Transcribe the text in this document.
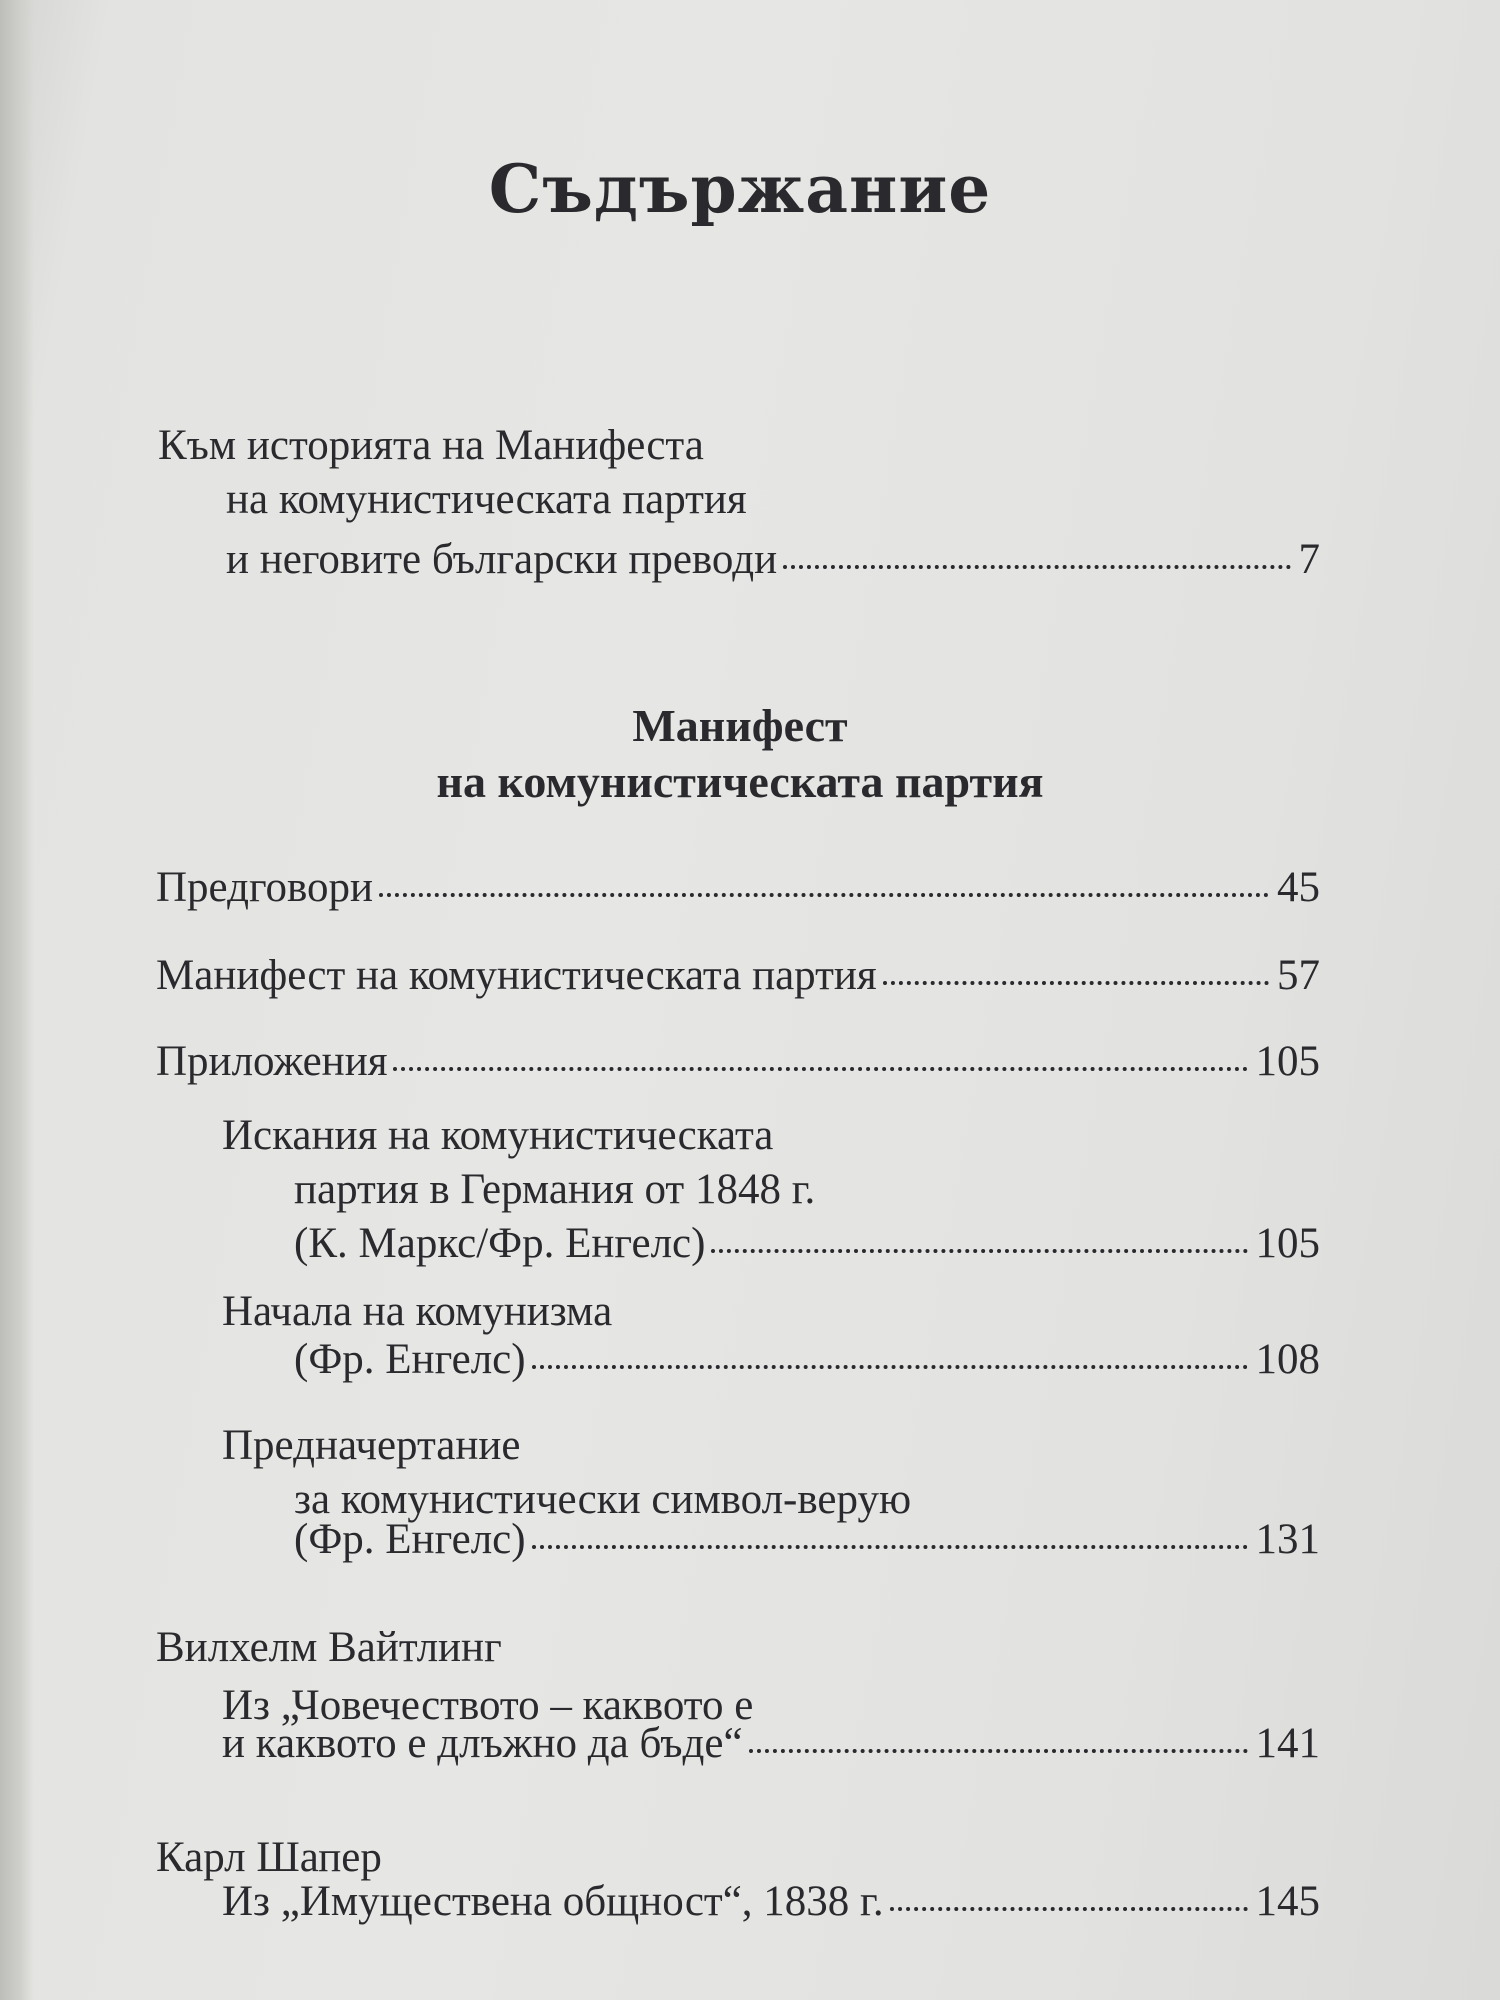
Съдържание
Към историята на Манифеста
на комунистическата партия
и неговите български преводи	7
Манифест
на комунистическата партия
Предговори	45
Манифест на комунистическата партия	57
Приложения	105
Искания на комунистическата
партия в Германия от 1848 г.
(К. Маркс/Фр. Енгелс)	105
Начала на комунизма
(Фр. Енгелс)	108
Предначертание
за комунистически символ-верую
(Фр. Енгелс)	131
Вилхелм Вайтлинг
Из „Човечеството – каквото е
и каквото е длъжно да бъде“	141
Карл Шапер
Из „Имуществена общност“, 1838 г.	145
